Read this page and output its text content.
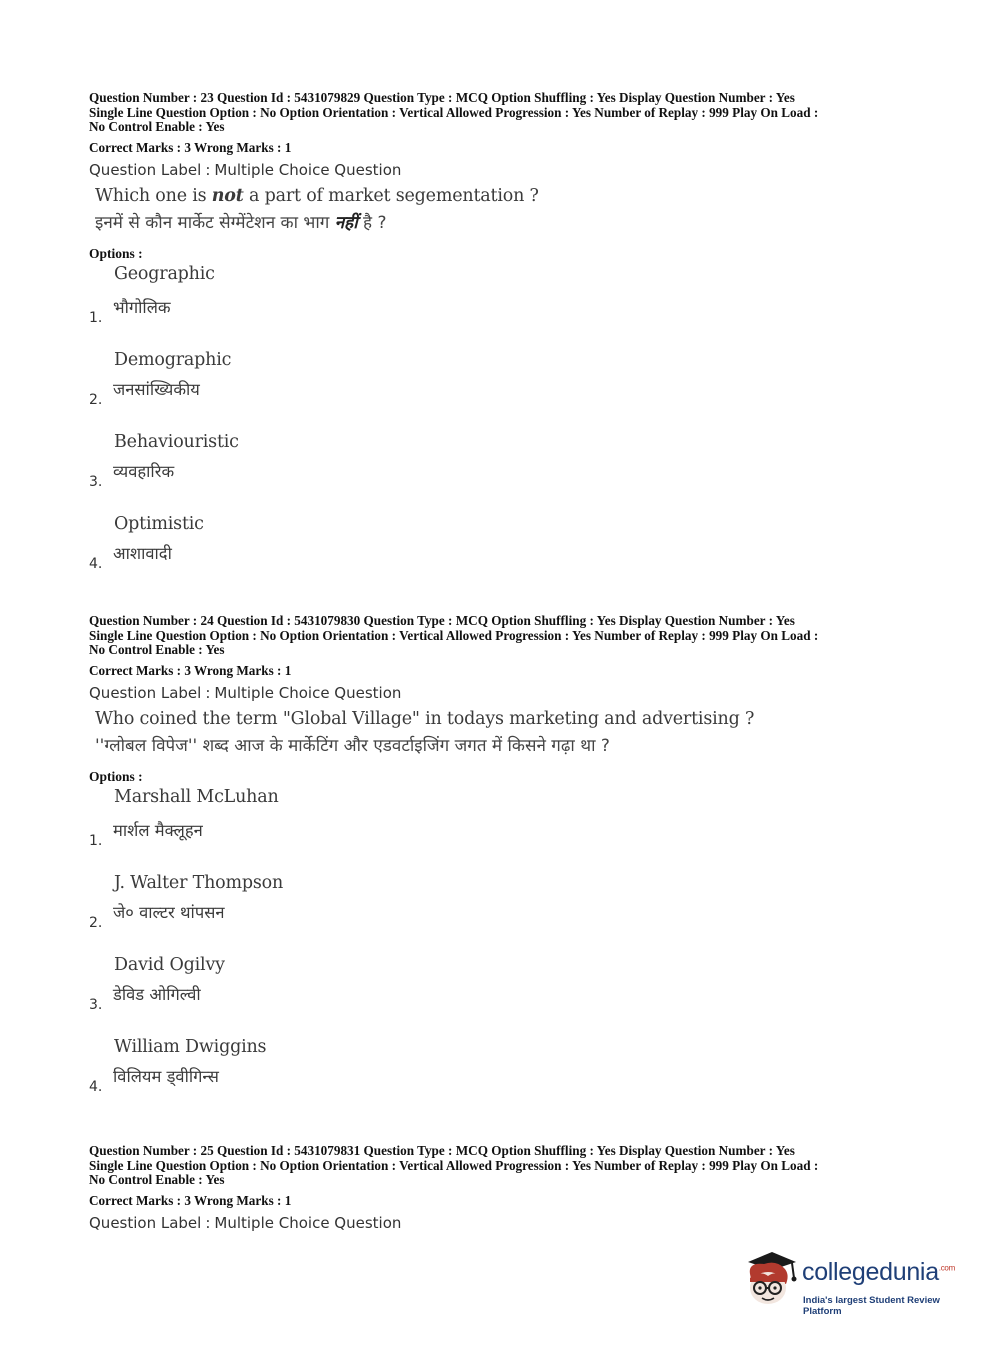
Question Number : 23 Question Id : 5431079829 Question Type : MCQ Option Shuffling : Yes Display Question Number : Yes
Single Line Question Option : No Option Orientation : Vertical Allowed Progression : Yes Number of Replay : 999 Play On Load :
No Control Enable : Yes
Correct Marks : 3 Wrong Marks : 1
Question Label : Multiple Choice Question
Which one is not a part of market segementation ?
इनमें से कौन मार्केट सेग्मेंटेशन का भाग नहीं है ?
Options :
Geographic
भौगोलिक
1.
Demographic
जनसांख्यिकीय
2.
Behaviouristic
व्यवहारिक
3.
Optimistic
आशावादी
4.
Question Number : 24 Question Id : 5431079830 Question Type : MCQ Option Shuffling : Yes Display Question Number : Yes
Single Line Question Option : No Option Orientation : Vertical Allowed Progression : Yes Number of Replay : 999 Play On Load :
No Control Enable : Yes
Correct Marks : 3 Wrong Marks : 1
Question Label : Multiple Choice Question
Who coined the term "Global Village" in todays marketing and advertising ?
''ग्लोबल विपेज'' शब्द आज के मार्केटिंग और एडवर्टाइजिंग जगत में किसने गढ़ा था ?
Options :
Marshall McLuhan
मार्शल मैक्लूहन
1.
J. Walter Thompson
जे० वाल्टर थांपसन
2.
David Ogilvy
डेविड ओगिल्वी
3.
William Dwiggins
विलियम ड्वीगिन्स
4.
Question Number : 25 Question Id : 5431079831 Question Type : MCQ Option Shuffling : Yes Display Question Number : Yes
Single Line Question Option : No Option Orientation : Vertical Allowed Progression : Yes Number of Replay : 999 Play On Load :
No Control Enable : Yes
Correct Marks : 3 Wrong Marks : 1
Question Label : Multiple Choice Question
collegedunia$^{.com}$
India's largest Student Review Platform
